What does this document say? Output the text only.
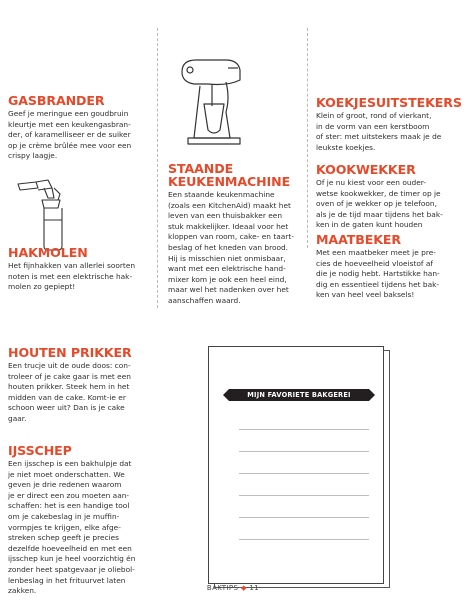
GASBRANDER

Geef je meringue een goudbruin
kleurtje met een keukengasbran-
der, of karamelliseer er de suiker
op je crème brûlée mee voor een
crispy laagje.

HAKMOLEN

Het fijnhakken van allerlei soorten
noten is met een elektrische hak-
molen zo gepiept!

HOUTEN PRIKKER

Een trucje uit de oude doos: con-
troleer of je cake gaar is met een
houten prikker. Steek hem in het
midden van de cake. Komt-ie er
schoon weer uit? Dan is je cake
gaar.

IJSSCHEP

Een ijsschep is een bakhulpje dat
je niet moet onderschatten. We
geven je drie redenen waarom
je er direct een zou moeten aan-
schaffen: het is een handige tool
om je cakebeslag in je muffin-
vormpjes te krijgen, elke afge-
streken schep geeft je precies
dezelfde hoeveelheid en met een
ijsschep kun je heel voorzichtig én
zonder heet spatgevaar je oliebol-
lenbeslag in het frituurvet laten
zakken.

STAANDE
KEUKENMACHINE

Een staande keukenmachine
(zoals een KitchenAid) maakt het
leven van een thuisbakker een
stuk makkelijker. Ideaal voor het
kloppen van room, cake- en taart-
beslag of het kneden van brood.
Hij is misschien niet onmisbaar,
want met een elektrische hand-
mixer kom je ook een heel eind,
maar wel het nadenken over het
aanschaffen waard.

KOEKJESUITSTEKERS

Klein of groot, rond of vierkant,
in de vorm van een kerstboom
of ster: met uitstekers maak je de
leukste koekjes.

KOOKWEKKER

Of je nu kiest voor een ouder-
wetse kookwekker, de timer op je
oven of je wekker op je telefoon,
als je de tijd maar tijdens het bak-
ken in de gaten kunt houden

MAATBEKER

Met een maatbeker meet je pre-
cies de hoeveelheid vloeistof af
die je nodig hebt. Hartstikke han-
dig en essentieel tijdens het bak-
ken van heel veel baksels!

MIJN FAVORIETE BAKGEREI
BAKTIPS ◆ 11
